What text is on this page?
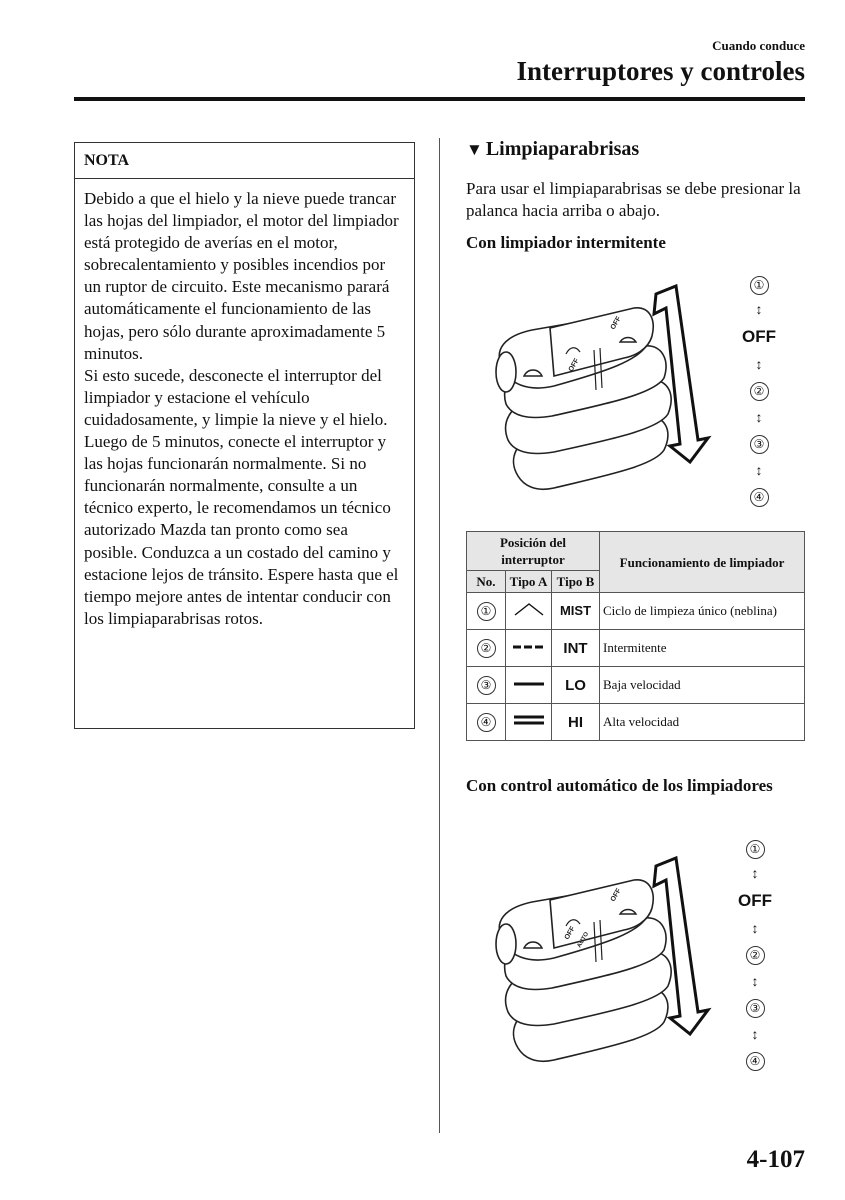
Cuando conduce
Interruptores y controles
NOTA

Debido a que el hielo y la nieve puede trancar las hojas del limpiador, el motor del limpiador está protegido de averías en el motor, sobrecalentamiento y posibles incendios por un ruptor de circuito. Este mecanismo parará automáticamente el funcionamiento de las hojas, pero sólo durante aproximadamente 5 minutos.

Si esto sucede, desconecte el interruptor del limpiador y estacione el vehículo cuidadosamente, y limpie la nieve y el hielo.

Luego de 5 minutos, conecte el interruptor y las hojas funcionarán normalmente. Si no funcionarán normalmente, consulte a un técnico experto, le recomendamos un técnico autorizado Mazda tan pronto como sea posible. Conduzca a un costado del camino y estacione lejos de tránsito. Espere hasta que el tiempo mejore antes de intentar conducir con los limpiaparabrisas rotos.

▼ Limpiaparabrisas
Para usar el limpiaparabrisas se debe presionar la palanca hacia arriba o abajo.
Con limpiador intermitente
OFF
OFF
①
↕
OFF
↕
②
↕
③
↕
④
Posición del interruptor			Funcionamiento de limpiador
No.	Tipo A	Tipo B	
①		MIST	Ciclo de limpieza único (neblina)
②		INT	Intermitente
③		LO	Baja velocidad
④		HI	Alta velocidad
Con control automático de los limpiadores
OFF AUTO
OFF
①
↕
OFF
↕
②
↕
③
↕
④
4-107
